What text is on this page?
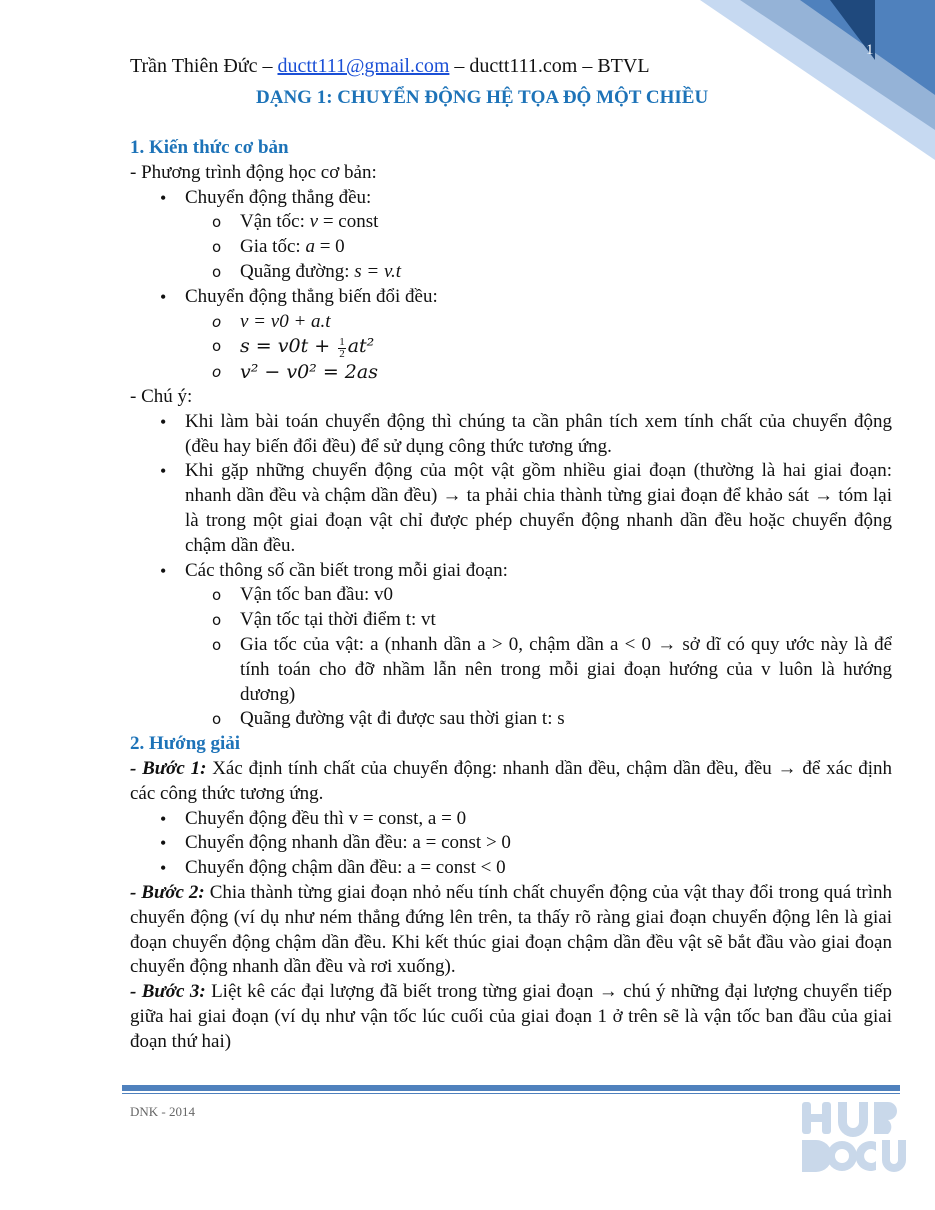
1
Trần Thiên Đức – ductt111@gmail.com – ductt111.com – BTVL
DẠNG 1: CHUYỂN ĐỘNG HỆ TỌA ĐỘ MỘT CHIỀU

1. Kiến thức cơ bản

- Phương trình động học cơ bản:

• Chuyển động thẳng đều:

o Vận tốc: v = const

o Gia tốc: a = 0

o Quãng đường: s = v.t

• Chuyển động thẳng biến đổi đều:

o v = v0 + a.t

o $s = v0t + \frac{1}{2} at^2$

o v² − v0² = 2as

- Chú ý:

• Khi làm bài toán chuyển động thì chúng ta cần phân tích xem tính chất của chuyển động (đều hay biến đổi đều) để sử dụng công thức tương ứng.

• Khi gặp những chuyển động của một vật gồm nhiều giai đoạn (thường là hai giai đoạn: nhanh dần đều và chậm dần đều) → ta phải chia thành từng giai đoạn để khảo sát → tóm lại là trong một giai đoạn vật chỉ được phép chuyển động nhanh dần đều hoặc chuyển động chậm dần đều.

• Các thông số cần biết trong mỗi giai đoạn:

o Vận tốc ban đầu: v0

o Vận tốc tại thời điểm t: vt

o Gia tốc của vật: a (nhanh dần a > 0, chậm dần a < 0 → sở dĩ có quy ước này là để tính toán cho đỡ nhầm lẫn nên trong mỗi giai đoạn hướng của v luôn là hướng dương)

o Quãng đường vật đi được sau thời gian t: s

2. Hướng giải

- Bước 1: Xác định tính chất của chuyển động: nhanh dần đều, chậm dần đều, đều → để xác định các công thức tương ứng.

• Chuyển động đều thì v = const, a = 0

• Chuyển động nhanh dần đều: a = const > 0

• Chuyển động chậm dần đều: a = const < 0

- Bước 2: Chia thành từng giai đoạn nhỏ nếu tính chất chuyển động của vật thay đổi trong quá trình chuyển động (ví dụ như ném thẳng đứng lên trên, ta thấy rõ ràng giai đoạn chuyển động lên là giai đoạn chuyển động chậm dần đều. Khi kết thúc giai đoạn chậm dần đều vật sẽ bắt đầu vào giai đoạn chuyển động nhanh dần đều và rơi xuống).

- Bước 3: Liệt kê các đại lượng đã biết trong từng giai đoạn → chú ý những đại lượng chuyển tiếp giữa hai giai đoạn (ví dụ như vận tốc lúc cuối của giai đoạn 1 ở trên sẽ là vận tốc ban đầu của giai đoạn thứ hai)

DNK - 2014
